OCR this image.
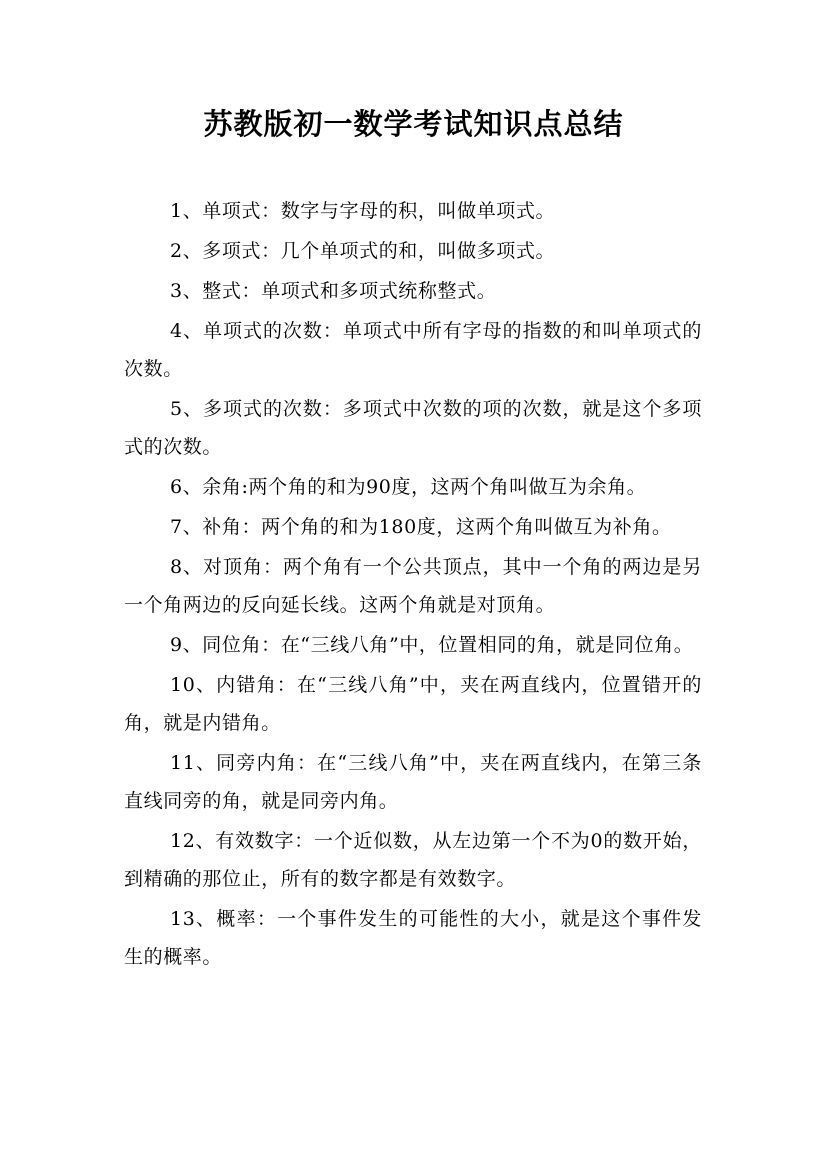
苏教版初一数学考试知识点总结

1、单项式：数字与字母的积，叫做单项式。

2、多项式：几个单项式的和，叫做多项式。

3、整式：单项式和多项式统称整式。

4、单项式的次数：单项式中所有字母的指数的和叫单项式的次数。

5、多项式的次数：多项式中次数的项的次数，就是这个多项式的次数。

6、余角:两个角的和为90度，这两个角叫做互为余角。

7、补角：两个角的和为180度，这两个角叫做互为补角。

8、对顶角：两个角有一个公共顶点，其中一个角的两边是另一个角两边的反向延长线。这两个角就是对顶角。

9、同位角：在“三线八角”中，位置相同的角，就是同位角。

10、内错角：在“三线八角”中，夹在两直线内，位置错开的角，就是内错角。

11、同旁内角：在“三线八角”中，夹在两直线内，在第三条直线同旁的角，就是同旁内角。

12、有效数字：一个近似数，从左边第一个不为0的数开始，到精确的那位止，所有的数字都是有效数字。

13、概率：一个事件发生的可能性的大小，就是这个事件发生的概率。
